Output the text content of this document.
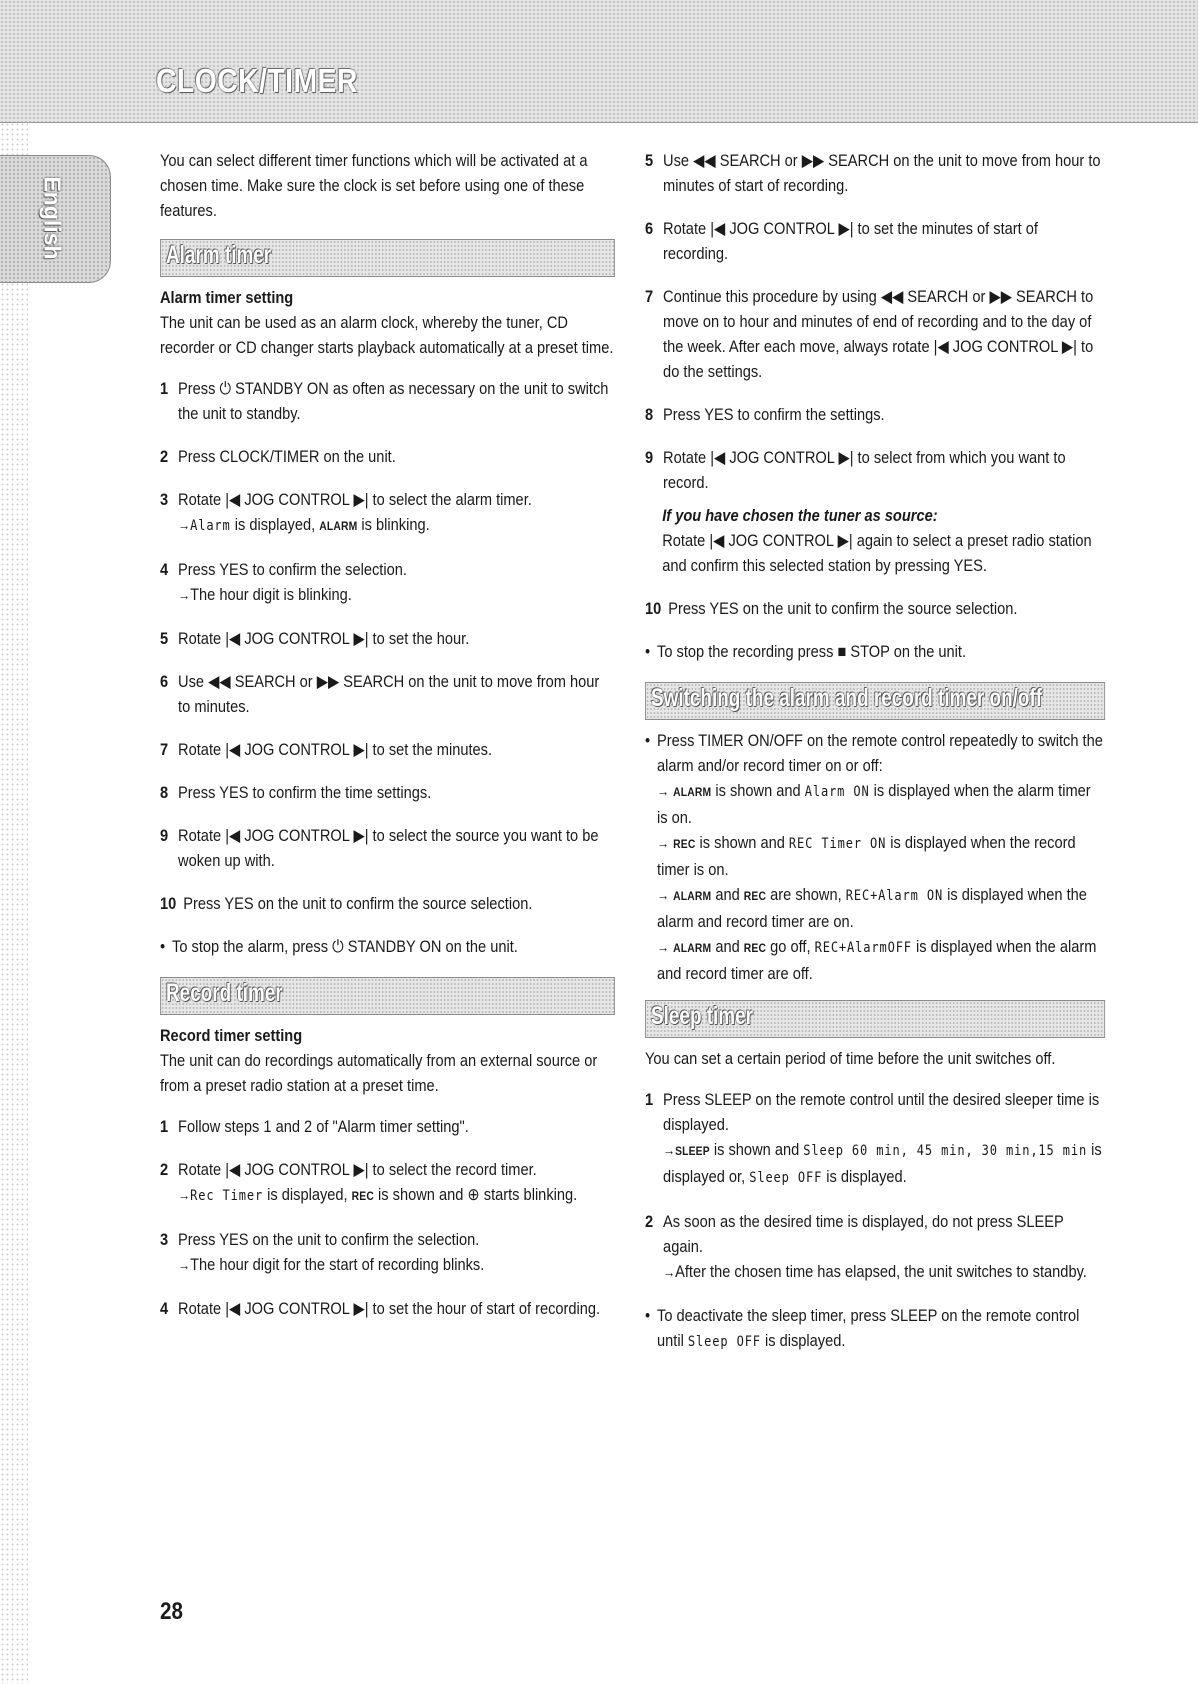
CLOCK/TIMER
English

You can select different timer functions which will be activated at a chosen time. Make sure the clock is set before using one of these features.

Alarm timer

Alarm timer setting

The unit can be used as an alarm clock, whereby the tuner, CD recorder or CD changer starts playback automatically at a preset time.

1 Press ⏻ STANDBY ON as often as necessary on the unit to switch the unit to standby.
2 Press CLOCK/TIMER on the unit.
3 Rotate |◀ JOG CONTROL ▶| to select the alarm timer.
→Alarm is displayed, ALARM is blinking.
4 Press YES to confirm the selection.
→The hour digit is blinking.
5 Rotate |◀ JOG CONTROL ▶| to set the hour.
6 Use ◀◀ SEARCH or ▶▶ SEARCH on the unit to move from hour to minutes.
7 Rotate |◀ JOG CONTROL ▶| to set the minutes.
8 Press YES to confirm the time settings.
9 Rotate |◀ JOG CONTROL ▶| to select the source you want to be woken up with.
10 Press YES on the unit to confirm the source selection.
• To stop the alarm, press ⏻ STANDBY ON on the unit.
Record timer

Record timer setting

The unit can do recordings automatically from an external source or from a preset radio station at a preset time.

1 Follow steps 1 and 2 of "Alarm timer setting".
2 Rotate |◀ JOG CONTROL ▶| to select the record timer.
→Rec Timer is displayed, REC is shown and ⊕ starts blinking.
3 Press YES on the unit to confirm the selection.
→The hour digit for the start of recording blinks.
4 Rotate |◀ JOG CONTROL ▶| to set the hour of start of recording.
5 Use ◀◀ SEARCH or ▶▶ SEARCH on the unit to move from hour to minutes of start of recording.
6 Rotate |◀ JOG CONTROL ▶| to set the minutes of start of recording.
7 Continue this procedure by using ◀◀ SEARCH or ▶▶ SEARCH to move on to hour and minutes of end of recording and to the day of the week. After each move, always rotate |◀ JOG CONTROL ▶| to do the settings.
8 Press YES to confirm the settings.
9 Rotate |◀ JOG CONTROL ▶| to select from which you want to record.

If you have chosen the tuner as source:

Rotate |◀ JOG CONTROL ▶| again to select a preset radio station and confirm this selected station by pressing YES.

10 Press YES on the unit to confirm the source selection.
• To stop the recording press ■ STOP on the unit.
Switching the alarm and record timer on/off
• Press TIMER ON/OFF on the remote control repeatedly to switch the alarm and/or record timer on or off:
→ ALARM is shown and Alarm ON is displayed when the alarm timer is on.
→ REC is shown and REC Timer ON is displayed when the record timer is on.
→ ALARM and REC are shown, REC+Alarm ON is displayed when the alarm and record timer are on.
→ ALARM and REC go off, REC+AlarmOFF is displayed when the alarm and record timer are off.
Sleep timer

You can set a certain period of time before the unit switches off.

1 Press SLEEP on the remote control until the desired sleeper time is displayed.
→SLEEP is shown and Sleep 60 min, 45 min, 30 min,15 min is displayed or, Sleep OFF is displayed.
2 As soon as the desired time is displayed, do not press SLEEP again.
→After the chosen time has elapsed, the unit switches to standby.
• To deactivate the sleep timer, press SLEEP on the remote control until Sleep OFF is displayed.
28
